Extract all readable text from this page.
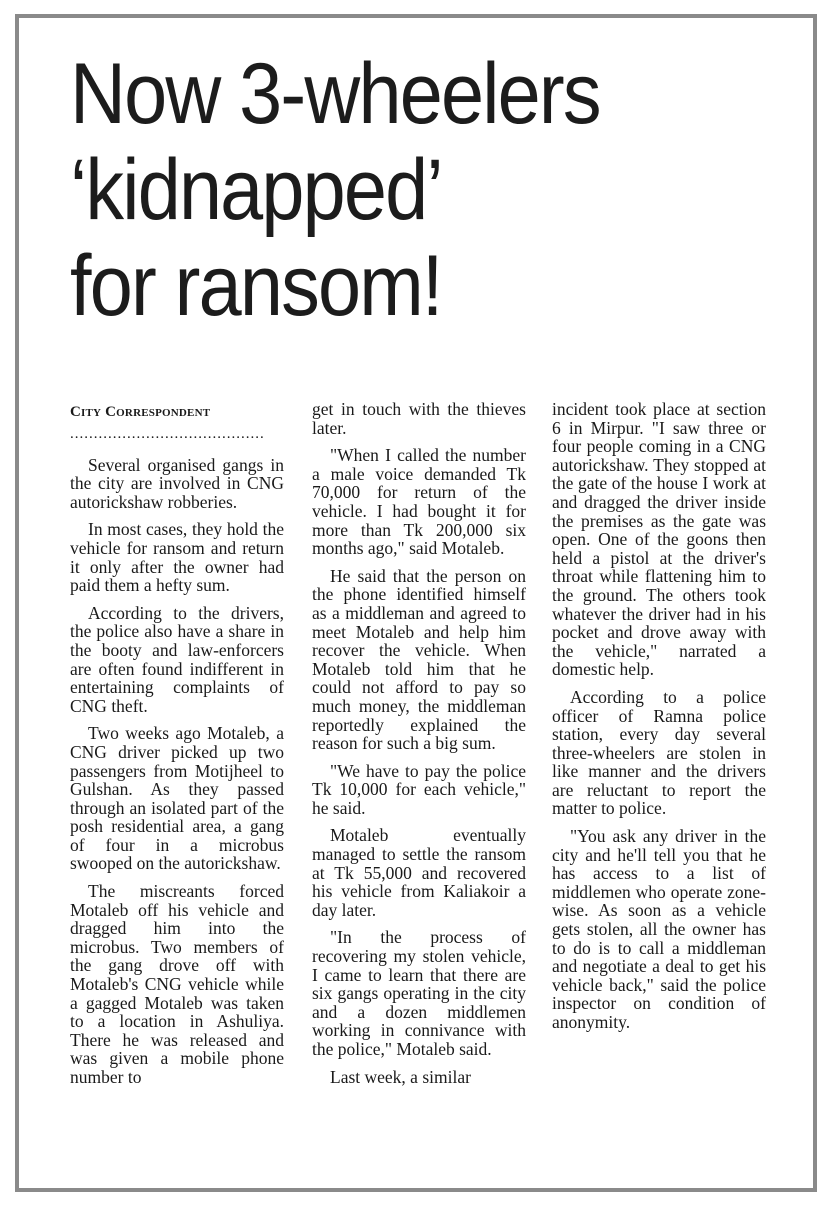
Now 3-wheelers
‘kidnapped’
for ransom!
City Correspondent
.........................................

Several organised gangs in the city are involved in CNG autorickshaw robberies.

In most cases, they hold the vehicle for ransom and return it only after the owner had paid them a hefty sum.

According to the drivers, the police also have a share in the booty and law-enforcers are often found indifferent in entertaining complaints of CNG theft.

Two weeks ago Motaleb, a CNG driver picked up two passengers from Motijheel to Gulshan. As they passed through an isolated part of the posh residential area, a gang of four in a microbus swooped on the autorickshaw.

The miscreants forced Motaleb off his vehicle and dragged him into the microbus. Two members of the gang drove off with Motaleb's CNG vehicle while a gagged Motaleb was taken to a location in Ashuliya. There he was released and was given a mobile phone number to

get in touch with the thieves later.

"When I called the number a male voice demanded Tk 70,000 for return of the vehicle. I had bought it for more than Tk 200,000 six months ago," said Motaleb.

He said that the person on the phone identified himself as a middleman and agreed to meet Motaleb and help him recover the vehicle. When Motaleb told him that he could not afford to pay so much money, the middleman reportedly explained the reason for such a big sum.

"We have to pay the police Tk 10,000 for each vehicle," he said.

Motaleb eventually managed to settle the ransom at Tk 55,000 and recovered his vehicle from Kaliakoir a day later.

"In the process of recovering my stolen vehicle, I came to learn that there are six gangs operating in the city and a dozen middlemen working in connivance with the police," Motaleb said.

Last week, a similar

incident took place at section 6 in Mirpur. "I saw three or four people coming in a CNG autorickshaw. They stopped at the gate of the house I work at and dragged the driver inside the premises as the gate was open. One of the goons then held a pistol at the driver's throat while flattening him to the ground. The others took whatever the driver had in his pocket and drove away with the vehicle," narrated a domestic help.

According to a police officer of Ramna police station, every day several three-wheelers are stolen in like manner and the drivers are reluctant to report the matter to police.

"You ask any driver in the city and he'll tell you that he has access to a list of middlemen who operate zone-wise. As soon as a vehicle gets stolen, all the owner has to do is to call a middleman and negotiate a deal to get his vehicle back," said the police inspector on condition of anonymity.
